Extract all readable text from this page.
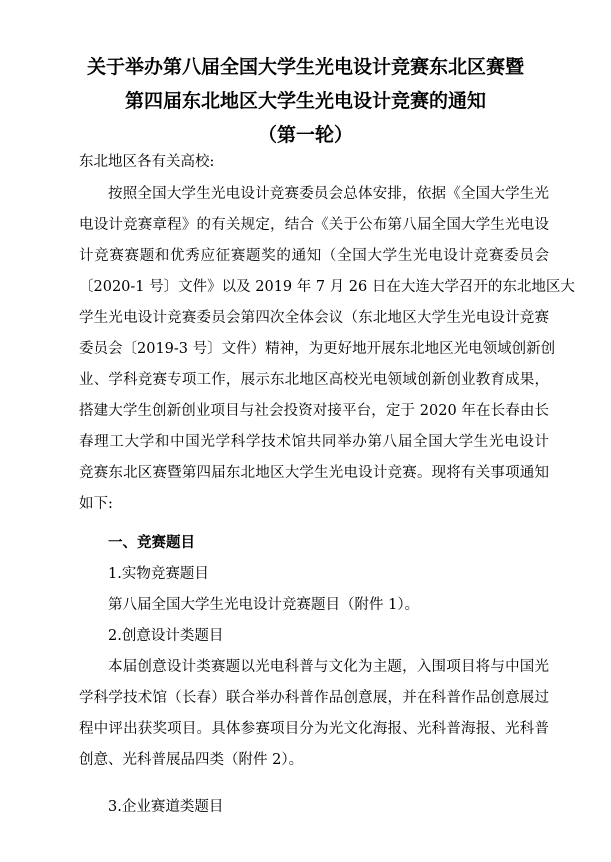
关于举办第八届全国大学生光电设计竞赛东北区赛暨
第四届东北地区大学生光电设计竞赛的通知
（第一轮）
东北地区各有关高校:
按照全国大学生光电设计竞赛委员会总体安排，依据《全国大学生光
电设计竞赛章程》的有关规定，结合《关于公布第八届全国大学生光电设
计竞赛赛题和优秀应征赛题奖的通知（全国大学生光电设计竞赛委员会
〔2020-1 号〕文件》以及 2019 年 7 月 26 日在大连大学召开的东北地区大
学生光电设计竞赛委员会第四次全体会议（东北地区大学生光电设计竞赛
委员会〔2019-3 号〕文件）精神，为更好地开展东北地区光电领域创新创
业、学科竞赛专项工作，展示东北地区高校光电领域创新创业教育成果，
搭建大学生创新创业项目与社会投资对接平台，定于 2020 年在长春由长
春理工大学和中国光学科学技术馆共同举办第八届全国大学生光电设计
竞赛东北区赛暨第四届东北地区大学生光电设计竞赛。现将有关事项通知
如下:
一、竞赛题目
1.实物竞赛题目
第八届全国大学生光电设计竞赛题目（附件 1）。
2.创意设计类题目
本届创意设计类赛题以光电科普与文化为主题，入围项目将与中国光
学科学技术馆（长春）联合举办科普作品创意展，并在科普作品创意展过
程中评出获奖项目。具体参赛项目分为光文化海报、光科普海报、光科普
创意、光科普展品四类（附件 2）。
3.企业赛道类题目
